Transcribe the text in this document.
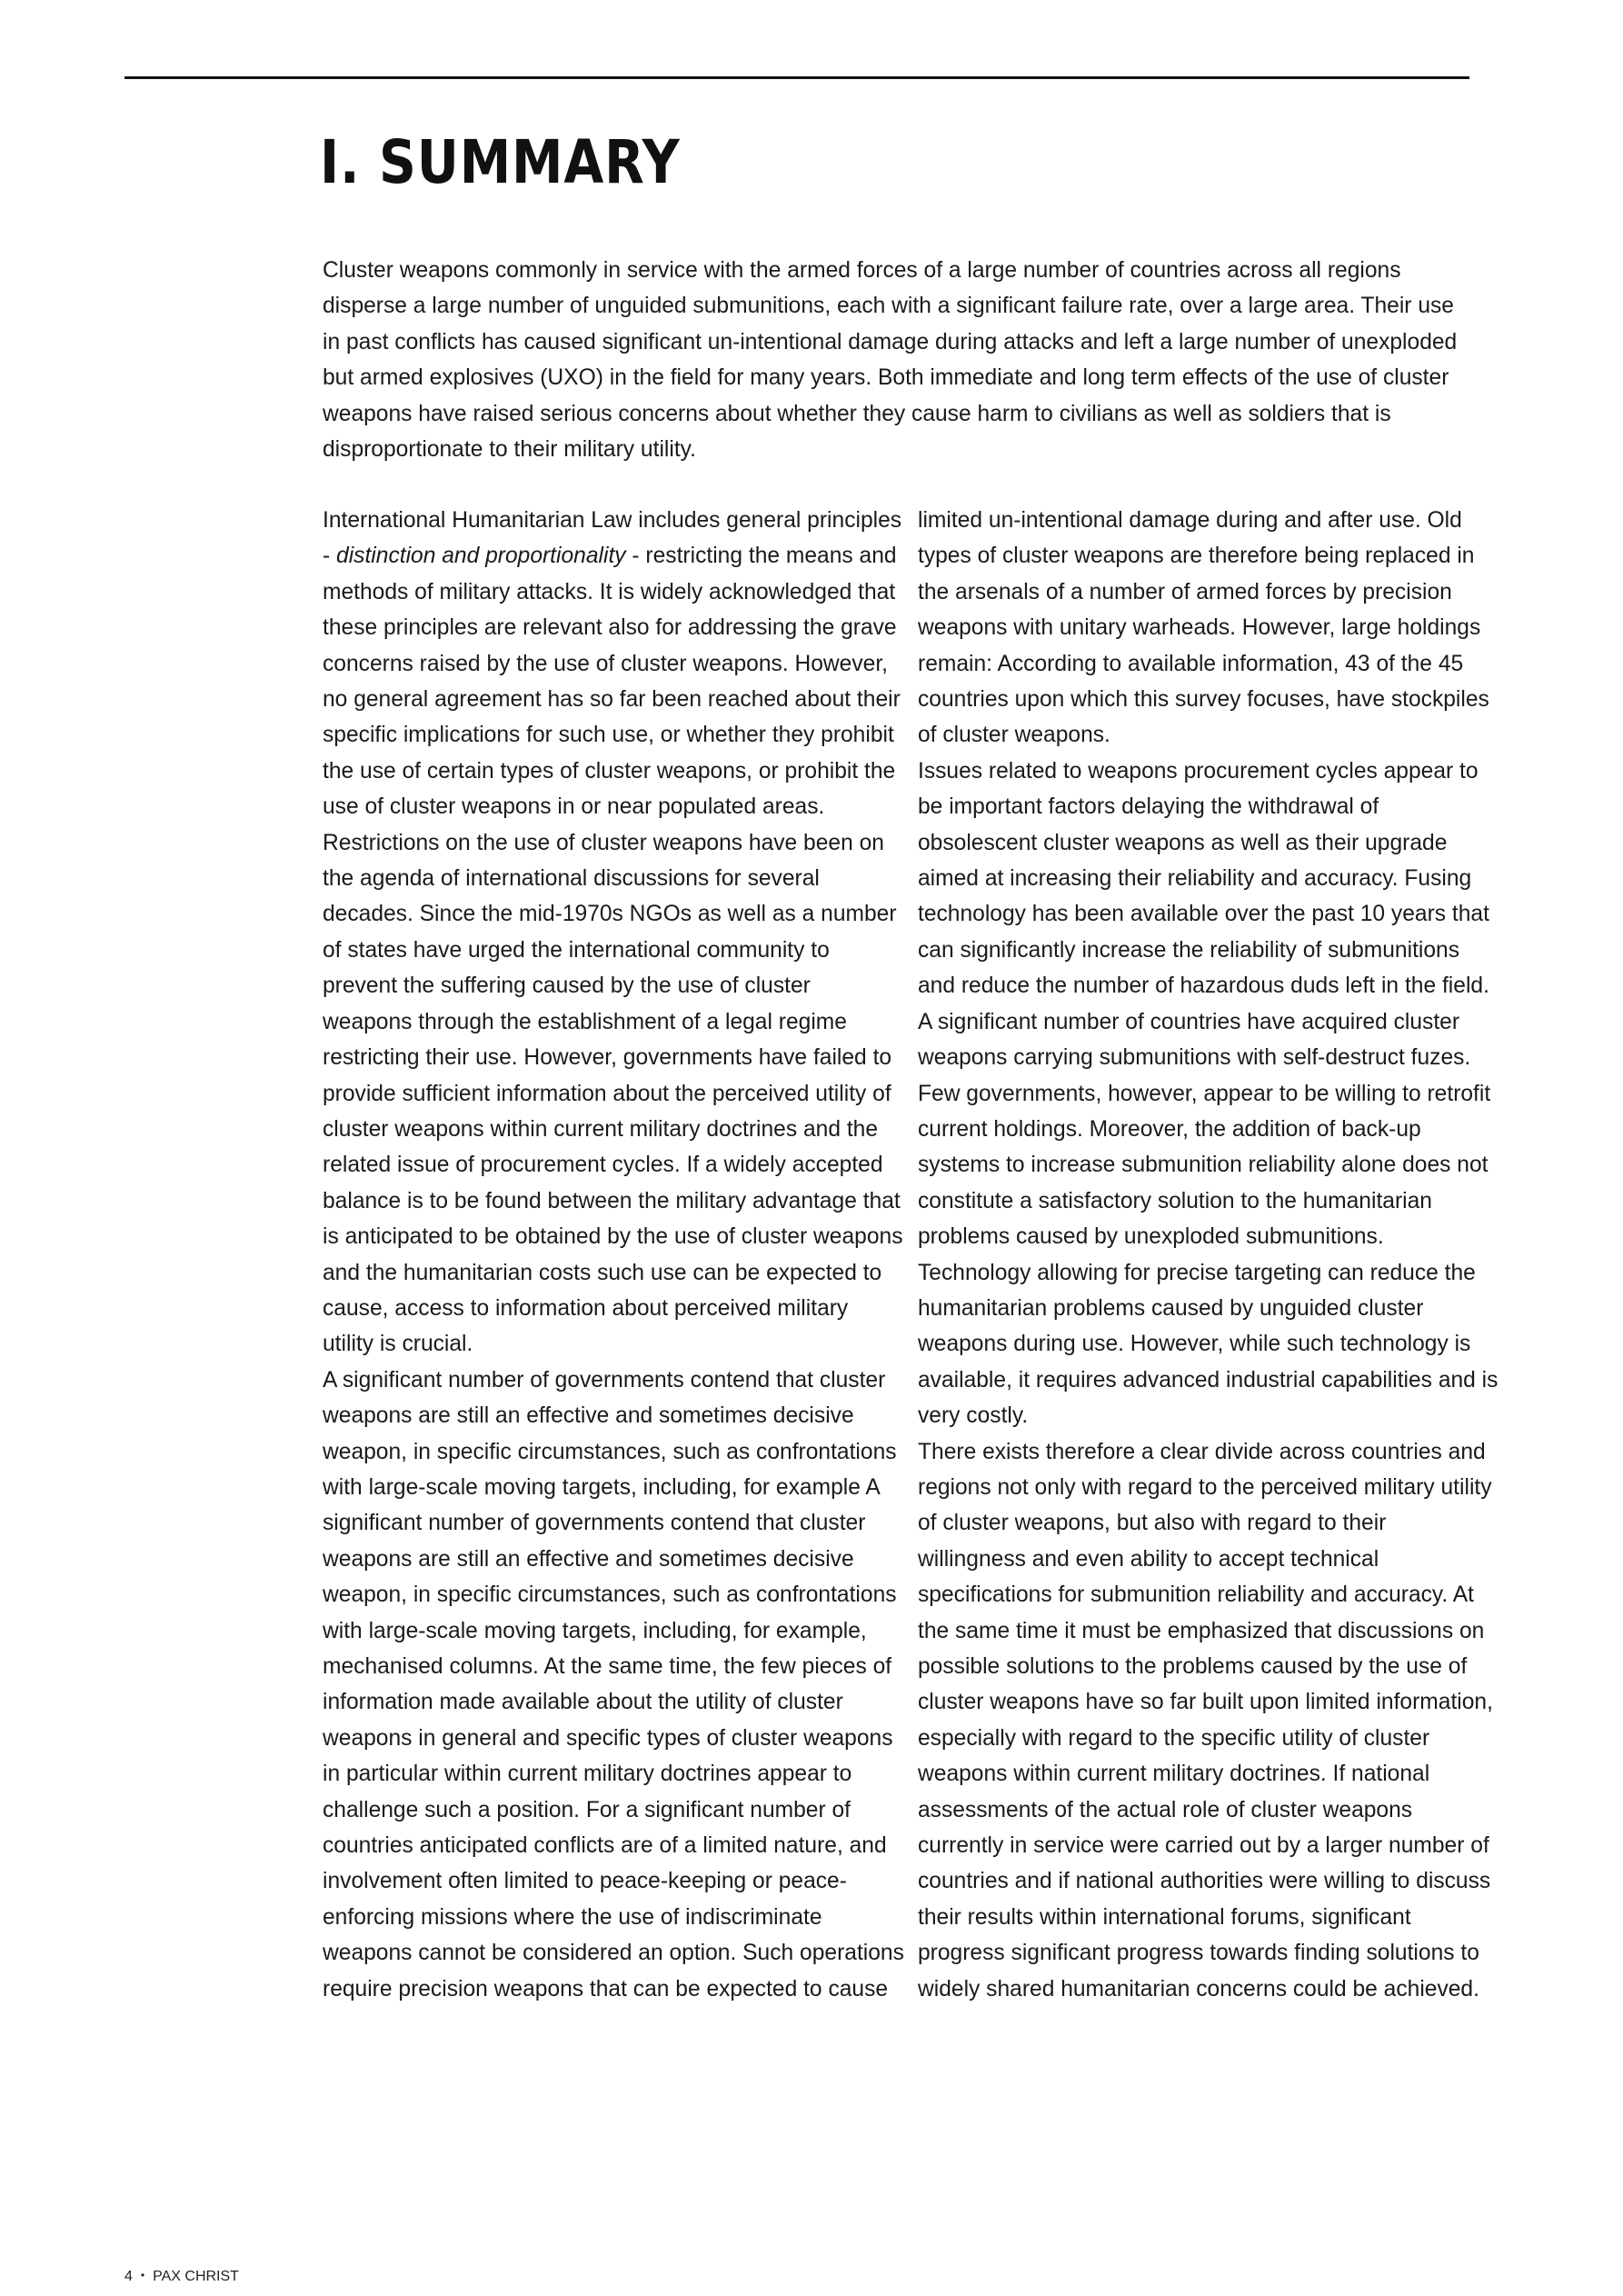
I. SUMMARY

Cluster weapons commonly in service with the armed forces of a large number of countries across all regions disperse a large number of unguided submunitions, each with a significant failure rate, over a large area. Their use in past conflicts has caused significant un-intentional damage during attacks and left a large number of unexploded but armed explosives (UXO) in the field for many years. Both immediate and long term effects of the use of cluster weapons have raised serious concerns about whether they cause harm to civilians as well as soldiers that is disproportionate to their military utility.

International Humanitarian Law includes general principles - distinction and proportionality - restricting the means and methods of military attacks. It is widely acknowledged that these principles are relevant also for addressing the grave concerns raised by the use of cluster weapons. However, no general agreement has so far been reached about their specific implications for such use, or whether they prohibit the use of certain types of cluster weapons, or prohibit the use of cluster weapons in or near populated areas.

Restrictions on the use of cluster weapons have been on the agenda of international discussions for several decades. Since the mid-1970s NGOs as well as a number of states have urged the international community to prevent the suffering caused by the use of cluster weapons through the establishment of a legal regime restricting their use. However, governments have failed to provide sufficient information about the perceived utility of cluster weapons within current military doctrines and the related issue of procurement cycles. If a widely accepted balance is to be found between the military advantage that is anticipated to be obtained by the use of cluster weapons and the humanitarian costs such use can be expected to cause, access to information about perceived military utility is crucial.

A significant number of governments contend that cluster weapons are still an effective and sometimes decisive weapon, in specific circumstances, such as confrontations with large-scale moving targets, including, for example A significant number of governments contend that cluster weapons are still an effective and sometimes decisive weapon, in specific circumstances, such as confrontations with large-scale moving targets, including, for example, mechanised columns. At the same time, the few pieces of information made available about the utility of cluster weapons in general and specific types of cluster weapons in particular within current military doctrines appear to challenge such a position. For a significant number of countries anticipated conflicts are of a limited nature, and involvement often limited to peace-keeping or peace-enforcing missions where the use of indiscriminate weapons cannot be considered an option. Such operations require precision weapons that can be expected to cause

limited un-intentional damage during and after use. Old types of cluster weapons are therefore being replaced in the arsenals of a number of armed forces by precision weapons with unitary warheads. However, large holdings remain: According to available information, 43 of the 45 countries upon which this survey focuses, have stockpiles of cluster weapons.

Issues related to weapons procurement cycles appear to be important factors delaying the withdrawal of obsolescent cluster weapons as well as their upgrade aimed at increasing their reliability and accuracy. Fusing technology has been available over the past 10 years that can significantly increase the reliability of submunitions and reduce the number of hazardous duds left in the field. A significant number of countries have acquired cluster weapons carrying submunitions with self-destruct fuzes.

Few governments, however, appear to be willing to retrofit current holdings. Moreover, the addition of back-up systems to increase submunition reliability alone does not constitute a satisfactory solution to the humanitarian problems caused by unexploded submunitions. Technology allowing for precise targeting can reduce the humanitarian problems caused by unguided cluster weapons during use. However, while such technology is available, it requires advanced industrial capabilities and is very costly.

There exists therefore a clear divide across countries and regions not only with regard to the perceived military utility of cluster weapons, but also with regard to their willingness and even ability to accept technical specifications for submunition reliability and accuracy. At the same time it must be emphasized that discussions on possible solutions to the problems caused by the use of cluster weapons have so far built upon limited information, especially with regard to the specific utility of cluster weapons within current military doctrines. If national assessments of the actual role of cluster weapons currently in service were carried out by a larger number of countries and if national authorities were willing to discuss their results within international forums, significant progress significant progress towards finding solutions to widely shared humanitarian concerns could be achieved.

4 • PAX CHRIST
